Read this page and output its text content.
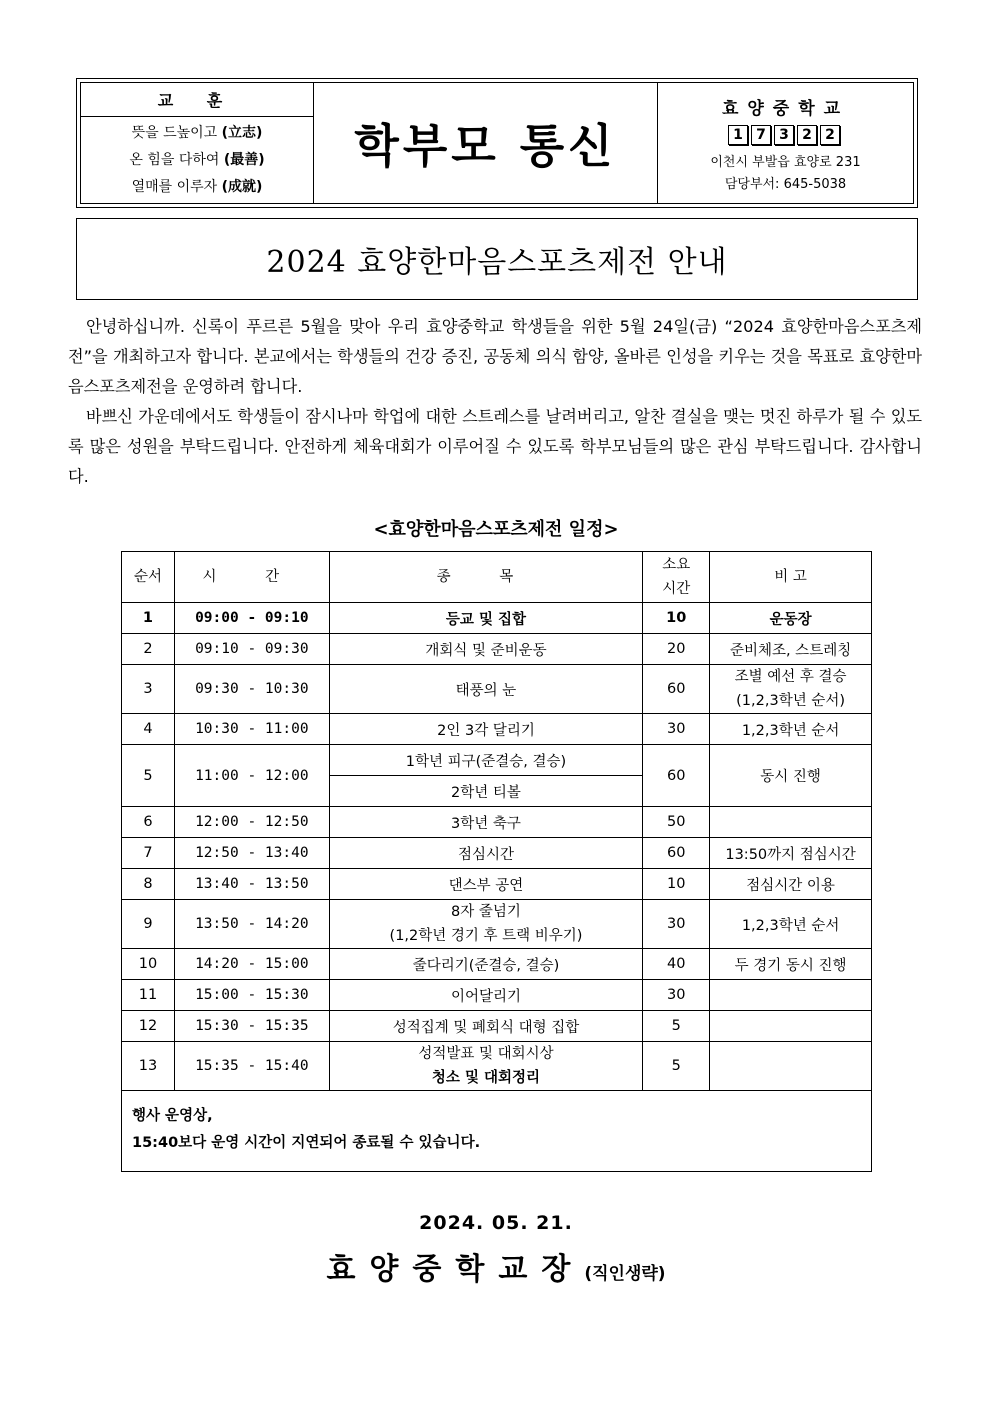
교 훈
뜻을 드높이고 (立志)
온 힘을 다하여 (最善)
열매를 이루자 (成就)
학부모 통신
효양중학교
1 7 3 2 2
이천시 부발읍 효양로 231
담당부서: 645-5038
2024 효양한마음스포츠제전 안내

안녕하십니까. 신록이 푸르른 5월을 맞아 우리 효양중학교 학생들을 위한 5월 24일(금) “2024 효양한마음스포츠제전”을 개최하고자 합니다. 본교에서는 학생들의 건강 증진, 공동체 의식 함양, 올바른 인성을 키우는 것을 목표로 효양한마음스포츠제전을 운영하려 합니다.

바쁘신 가운데에서도 학생들이 잠시나마 학업에 대한 스트레스를 날려버리고, 알찬 결실을 맺는 멋진 하루가 될 수 있도록 많은 성원을 부탁드립니다. 안전하게 체육대회가 이루어질 수 있도록 학부모님들의 많은 관심 부탁드립니다. 감사합니다.

<효양한마음스포츠제전 일정>
순서	시 간	종 목	소요
시간	비 고
1	09:00 - 09:10	등교 및 집합	10	운동장
2	09:10 - 09:30	개회식 및 준비운동	20	준비체조, 스트레칭
3	09:30 - 10:30	태풍의 눈	60	조별 예선 후 결승
(1,2,3학년 순서)

4	10:30 - 11:00	2인 3각 달리기	30	1,2,3학년 순서
5	11:00 - 12:00	1학년 피구(준결승, 결승)	60	동시 진행
		2학년 티볼		
6	12:00 - 12:50	3학년 축구	50	
7	12:50 - 13:40	점심시간	60	13:50까지 점심시간
8	13:40 - 13:50	댄스부 공연	10	점심시간 이용
9	13:50 - 14:20	8자 줄넘기
(1,2학년 경기 후 트랙 비우기)	30	1,2,3학년 순서
10	14:20 - 15:00	줄다리기(준결승, 결승)	40	두 경기 동시 진행
11	15:00 - 15:30	이어달리기	30	
12	15:30 - 15:35	성적집계 및 폐회식 대형 집합	5	
13	15:35 - 15:40	성적발표 및 대회시상
청소 및 대회정리	5	

행사 운영상,
15:40보다 운영 시간이 지연되어 종료될 수 있습니다.				
2024. 05. 21.
효양중학교장(직인생략)
